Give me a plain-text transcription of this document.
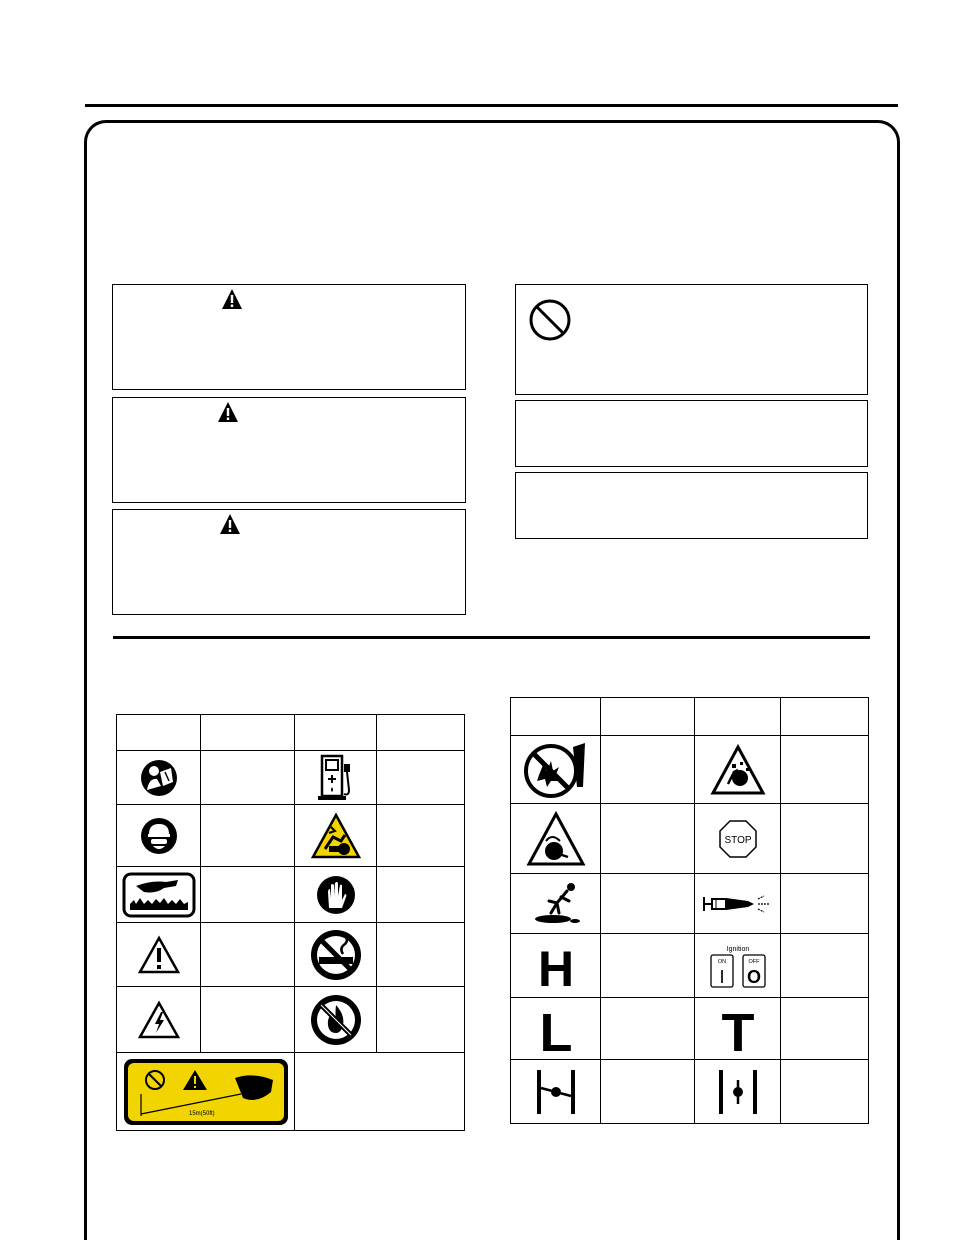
15m(50ft)			

STOP	

H		Ignition
ON OFF
I O	

L		T	
